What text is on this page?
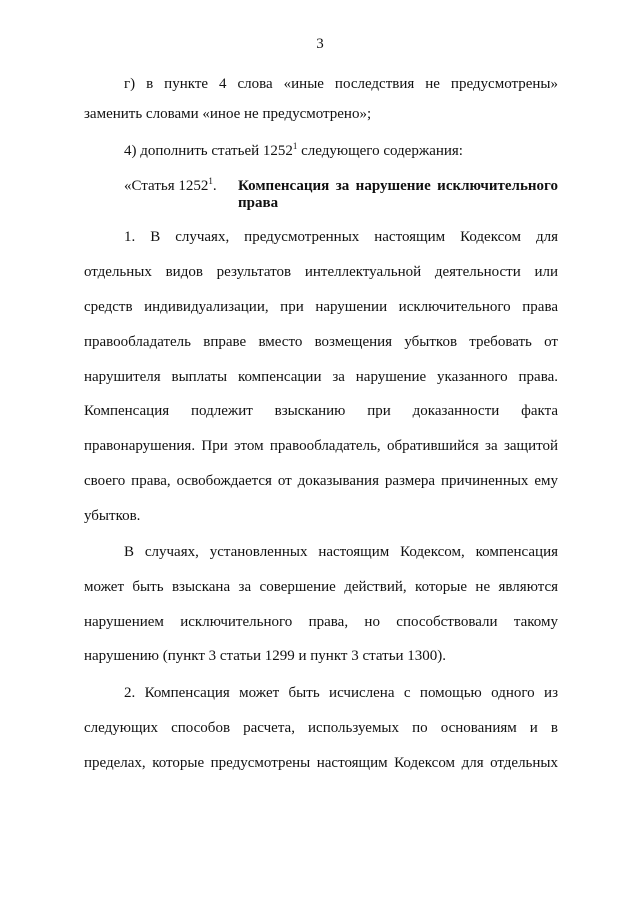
3
г) в пункте 4 слова «иные последствия не предусмотрены»
заменить словами «иное не предусмотрено»;
4) дополнить статьей 1252$^1$ следующего содержания:
«Статья 1252$^1$. Компенсация за нарушение исключительного
права
1. В случаях, предусмотренных настоящим Кодексом для
отдельных видов результатов интеллектуальной деятельности или
средств индивидуализации, при нарушении исключительного права
правообладатель вправе вместо возмещения убытков требовать от
нарушителя выплаты компенсации за нарушение указанного права.
Компенсация подлежит взысканию при доказанности факта
правонарушения. При этом правообладатель, обратившийся за защитой
своего права, освобождается от доказывания размера причиненных ему
убытков.
В случаях, установленных настоящим Кодексом, компенсация
может быть взыскана за совершение действий, которые не являются
нарушением исключительного права, но способствовали такому
нарушению (пункт 3 статьи 1299 и пункт 3 статьи 1300).
2. Компенсация может быть исчислена с помощью одного из
следующих способов расчета, используемых по основаниям и в
пределах, которые предусмотрены настоящим Кодексом для отдельных
